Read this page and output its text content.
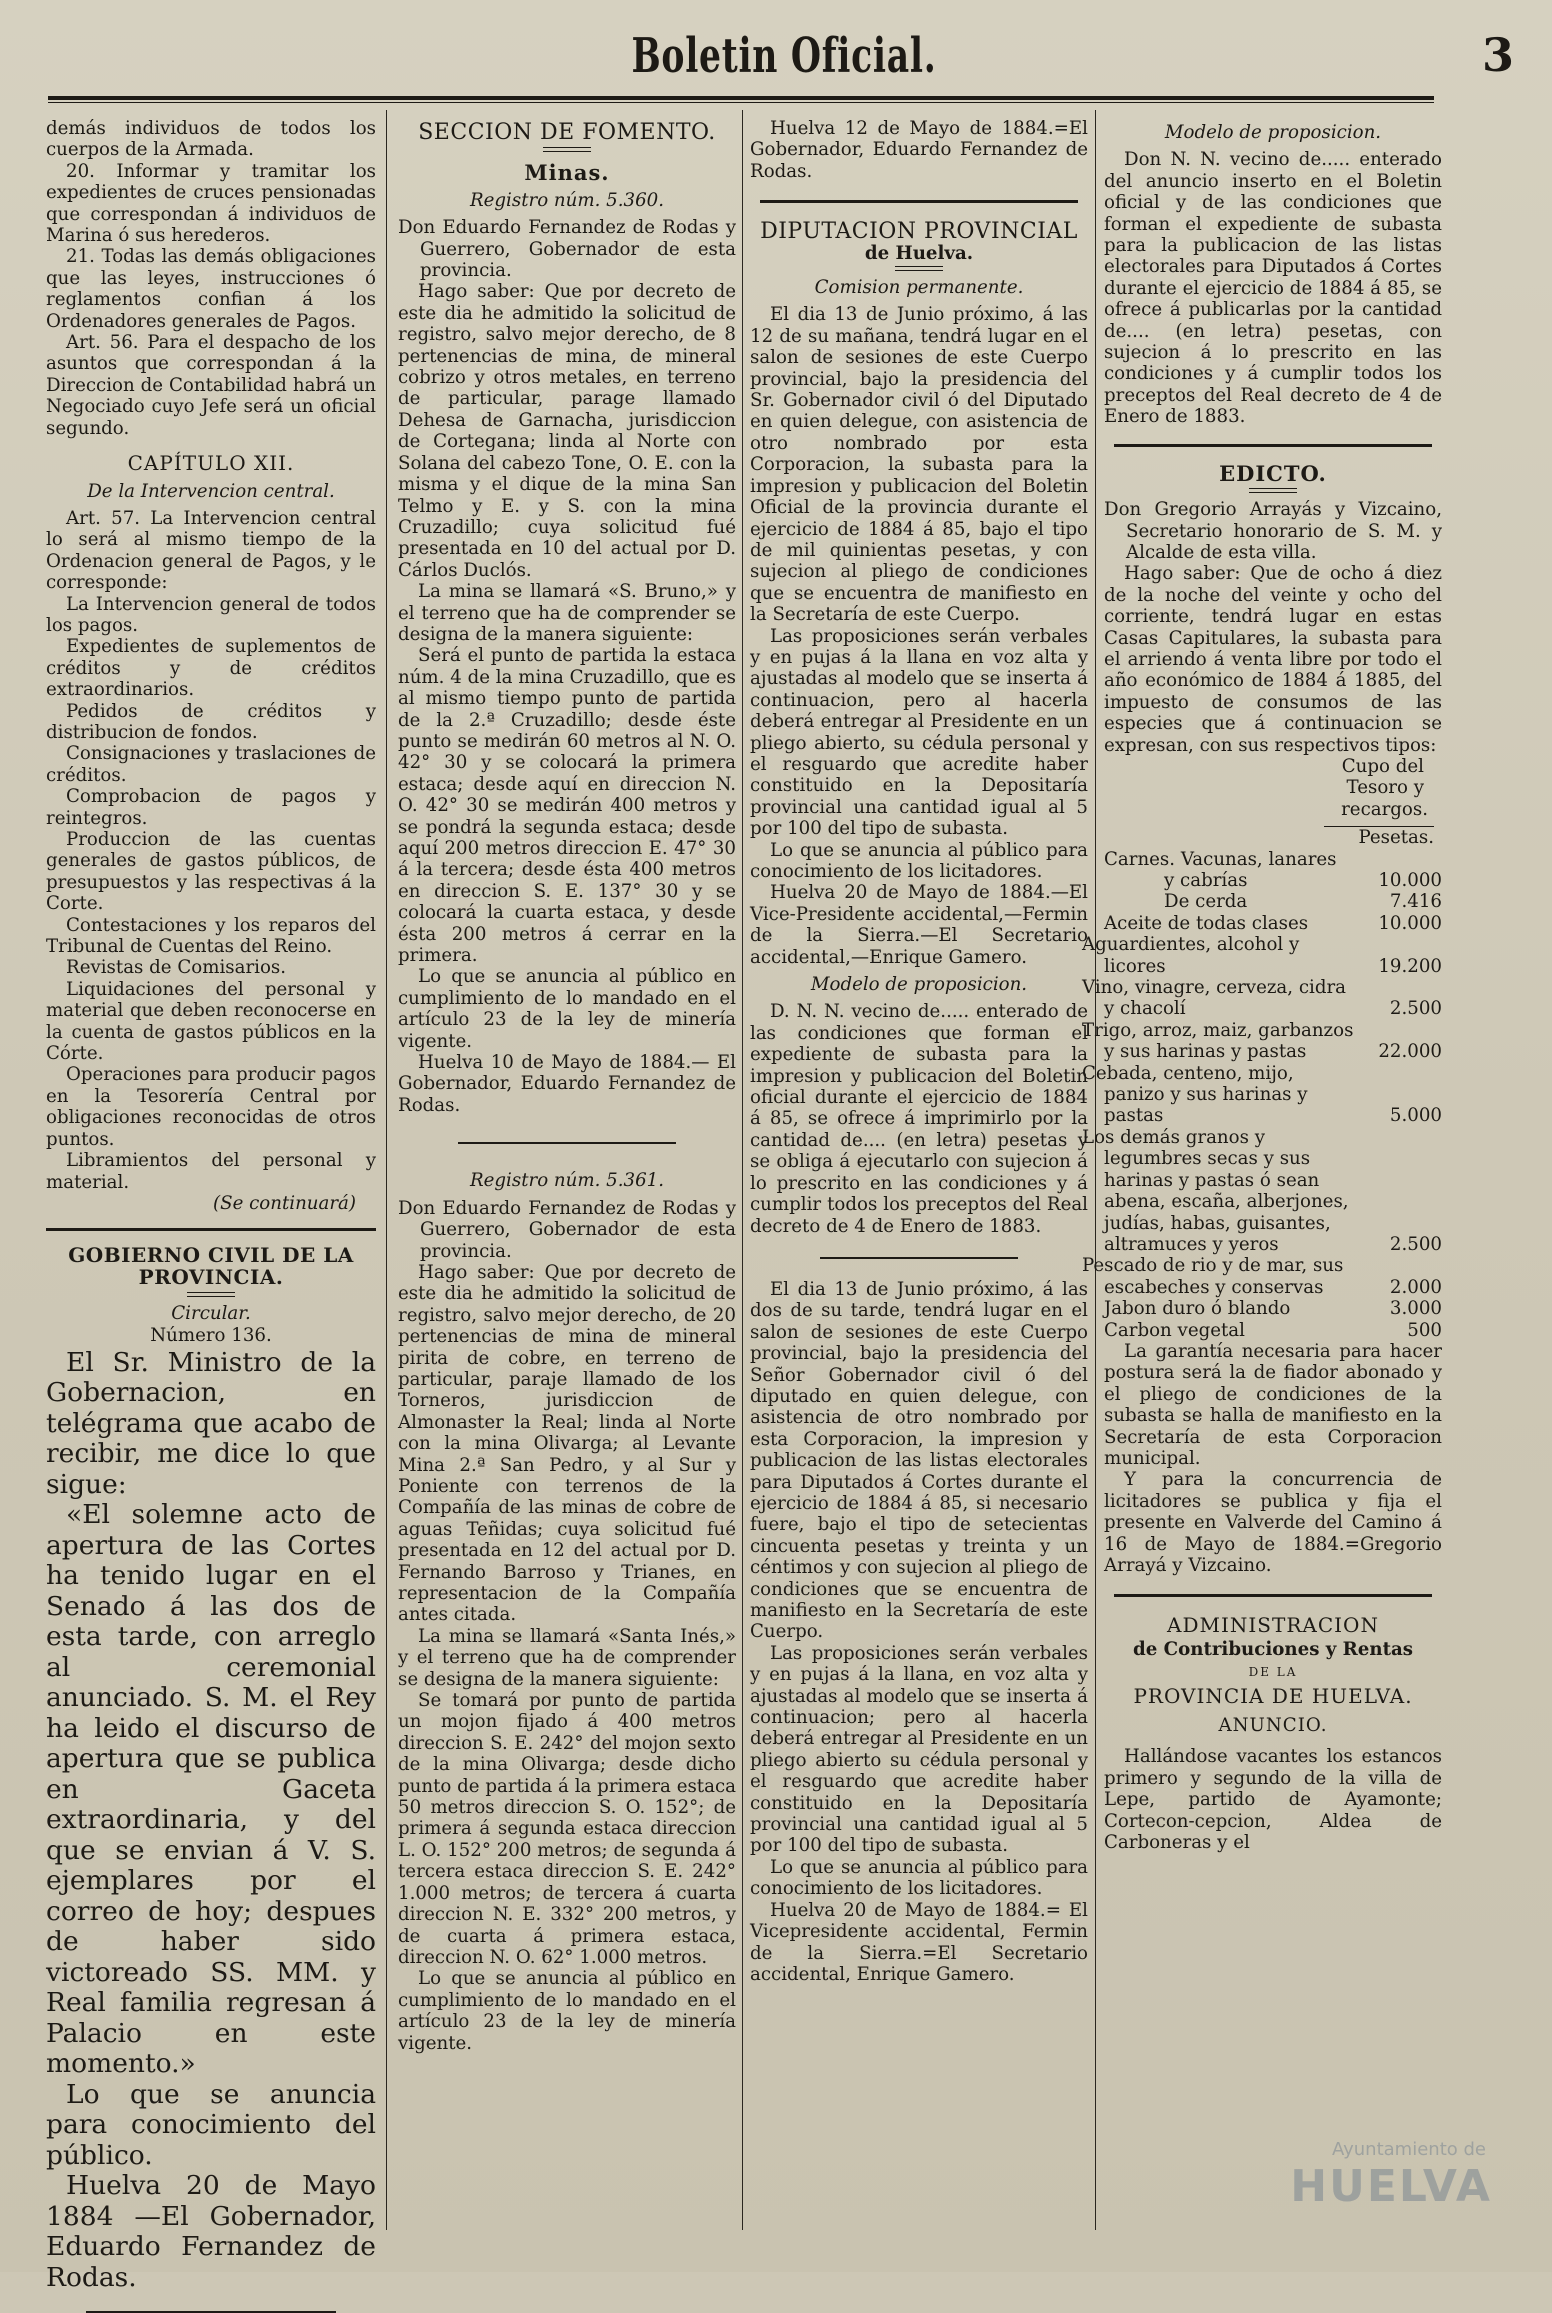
Boletin Oficial.	3

demás individuos de todos los cuerpos de la Armada.

20. Informar y tramitar los expedientes de cruces pensionadas que correspondan á individuos de Marina ó sus herederos.

21. Todas las demás obligaciones que las leyes, instrucciones ó reglamentos confian á los Ordenadores generales de Pagos.

Art. 56. Para el despacho de los asuntos que correspondan á la Direccion de Contabilidad habrá un Negociado cuyo Jefe será un oficial segundo.

CAPÍTULO XII.

De la Intervencion central.

Art. 57. La Intervencion central lo será al mismo tiempo de la Ordenacion general de Pagos, y le corresponde:

La Intervencion general de todos los pagos.

Expedientes de suplementos de créditos y de créditos extraordinarios.

Pedidos de créditos y distribucion de fondos.

Consignaciones y traslaciones de créditos.

Comprobacion de pagos y reintegros.

Produccion de las cuentas generales de gastos públicos, de presupuestos y las respectivas á la Corte.

Contestaciones y los reparos del Tribunal de Cuentas del Reino.

Revistas de Comisarios.

Liquidaciones del personal y material que deben reconocerse en la cuenta de gastos públicos en la Córte.

Operaciones para producir pagos en la Tesorería Central por obligaciones reconocidas de otros puntos.

Libramientos del personal y material.

(Se continuará)

GOBIERNO CIVIL DE LA PROVINCIA.

Circular.

Número 136.

El Sr. Ministro de la Gobernacion, en telégrama que acabo de recibir, me dice lo que sigue:

«El solemne acto de apertura de las Cortes ha tenido lugar en el Senado á las dos de esta tarde, con arreglo al ceremonial anunciado. S. M. el Rey ha leido el discurso de apertura que se publica en Gaceta extraordinaria, y del que se envian á V. S. ejemplares por el correo de hoy; despues de haber sido victoreado SS. MM. y Real familia regresan á Palacio en este momento.»

Lo que se anuncia para conocimiento del público.

Huelva 20 de Mayo 1884 —El Gobernador, Eduardo Fernandez de Rodas.

SECCION DE FOMENTO.

Minas.

Registro núm. 5.360.

Don Eduardo Fernandez de Rodas y Guerrero, Gobernador de esta provincia.

Hago saber: Que por decreto de este dia he admitido la solicitud de registro, salvo mejor derecho, de 8 pertenencias de mina, de mineral cobrizo y otros metales, en terreno de particular, parage llamado Dehesa de Garnacha, jurisdiccion de Cortegana; linda al Norte con Solana del cabezo Tone, O. E. con la misma y el dique de la mina San Telmo y E. y S. con la mina Cruzadillo; cuya solicitud fué presentada en 10 del actual por D. Cárlos Duclós.

La mina se llamará «S. Bruno,» y el terreno que ha de comprender se designa de la manera siguiente:

Será el punto de partida la estaca núm. 4 de la mina Cruzadillo, que es al mismo tiempo punto de partida de la 2.ª Cruzadillo; desde éste punto se medirán 60 metros al N. O. 42° 30 y se colocará la primera estaca; desde aquí en direccion N. O. 42° 30 se medirán 400 metros y se pondrá la segunda estaca; desde aquí 200 metros direccion E. 47° 30 á la tercera; desde ésta 400 metros en direccion S. E. 137° 30 y se colocará la cuarta estaca, y desde ésta 200 metros á cerrar en la primera.

Lo que se anuncia al público en cumplimiento de lo mandado en el artículo 23 de la ley de minería vigente.

Huelva 10 de Mayo de 1884.— El Gobernador, Eduardo Fernandez de Rodas.

Registro núm. 5.361.

Don Eduardo Fernandez de Rodas y Guerrero, Gobernador de esta provincia.

Hago saber: Que por decreto de este dia he admitido la solicitud de registro, salvo mejor derecho, de 20 pertenencias de mina de mineral pirita de cobre, en terreno de particular, paraje llamado de los Torneros, jurisdiccion de Almonaster la Real; linda al Norte con la mina Olivarga; al Levante Mina 2.ª San Pedro, y al Sur y Poniente con terrenos de la Compañía de las minas de cobre de aguas Teñidas; cuya solicitud fué presentada en 12 del actual por D. Fernando Barroso y Trianes, en representacion de la Compañía antes citada.

La mina se llamará «Santa Inés,» y el terreno que ha de comprender se designa de la manera siguiente:

Se tomará por punto de partida un mojon fijado á 400 metros direccion S. E. 242° del mojon sexto de la mina Olivarga; desde dicho punto de partida á la primera estaca 50 metros direccion S. O. 152°; de primera á segunda estaca direccion L. O. 152° 200 metros; de segunda á tercera estaca direccion S. E. 242° 1.000 metros; de tercera á cuarta direccion N. E. 332° 200 metros, y de cuarta á primera estaca, direccion N. O. 62° 1.000 metros.

Lo que se anuncia al público en cumplimiento de lo mandado en el artículo 23 de la ley de minería vigente.

Huelva 12 de Mayo de 1884.=El Gobernador, Eduardo Fernandez de Rodas.

DIPUTACION PROVINCIAL

de Huelva.

Comision permanente.

El dia 13 de Junio próximo, á las 12 de su mañana, tendrá lugar en el salon de sesiones de este Cuerpo provincial, bajo la presidencia del Sr. Gobernador civil ó del Diputado en quien delegue, con asistencia de otro nombrado por esta Corporacion, la subasta para la impresion y publicacion del Boletin Oficial de la provincia durante el ejercicio de 1884 á 85, bajo el tipo de mil quinientas pesetas, y con sujecion al pliego de condiciones que se encuentra de manifiesto en la Secretaría de este Cuerpo.

Las proposiciones serán verbales y en pujas á la llana en voz alta y ajustadas al modelo que se inserta á continuacion, pero al hacerla deberá entregar al Presidente en un pliego abierto, su cédula personal y el resguardo que acredite haber constituido en la Depositaría provincial una cantidad igual al 5 por 100 del tipo de subasta.

Lo que se anuncia al público para conocimiento de los licitadores.

Huelva 20 de Mayo de 1884.—El Vice-Presidente accidental,—Fermin de la Sierra.—El Secretario accidental,—Enrique Gamero.

Modelo de proposicion.

D. N. N. vecino de..... enterado de las condiciones que forman el expediente de subasta para la impresion y publicacion del Boletin oficial durante el ejercicio de 1884 á 85, se ofrece á imprimirlo por la cantidad de.... (en letra) pesetas y se obliga á ejecutarlo con sujecion á lo prescrito en las condiciones y á cumplir todos los preceptos del Real decreto de 4 de Enero de 1883.

El dia 13 de Junio próximo, á las dos de su tarde, tendrá lugar en el salon de sesiones de este Cuerpo provincial, bajo la presidencia del Señor Gobernador civil ó del diputado en quien delegue, con asistencia de otro nombrado por esta Corporacion, la impresion y publicacion de las listas electorales para Diputados á Cortes durante el ejercicio de 1884 á 85, si necesario fuere, bajo el tipo de setecientas cincuenta pesetas y treinta y un céntimos y con sujecion al pliego de condiciones que se encuentra de manifiesto en la Secretaría de este Cuerpo.

Las proposiciones serán verbales y en pujas á la llana, en voz alta y ajustadas al modelo que se inserta á continuacion; pero al hacerla deberá entregar al Presidente en un pliego abierto su cédula personal y el resguardo que acredite haber constituido en la Depositaría provincial una cantidad igual al 5 por 100 del tipo de subasta.

Lo que se anuncia al público para conocimiento de los licitadores.

Huelva 20 de Mayo de 1884.= El Vicepresidente accidental, Fermin de la Sierra.=El Secretario accidental, Enrique Gamero.

Modelo de proposicion.

Don N. N. vecino de..... enterado del anuncio inserto en el Boletin oficial y de las condiciones que forman el expediente de subasta para la publicacion de las listas electorales para Diputados á Cortes durante el ejercicio de 1884 á 85, se ofrece á publicarlas por la cantidad de.... (en letra) pesetas, con sujecion á lo prescrito en las condiciones y á cumplir todos los preceptos del Real decreto de 4 de Enero de 1883.

EDICTO.

Don Gregorio Arrayás y Vizcaino, Secretario honorario de S. M. y Alcalde de esta villa.

Hago saber: Que de ocho á diez de la noche del veinte y ocho del corriente, tendrá lugar en estas Casas Capitulares, la subasta para el arriendo á venta libre por todo el año económico de 1884 á 1885, del impuesto de consumos de las especies que á continuacion se expresan, con sus respectivos tipos:

Cupo del

Tesoro y

recargos.

Pesetas.

Carnes. Vacunas, lanares	
y cabrías	10.000
De cerda	7.416
Aceite de todas clases	10.000
Aguardientes, alcohol y licores	19.200
Vino, vinagre, cerveza, cidra y chacolí	2.500
Trigo, arroz, maiz, garbanzos y sus harinas y pastas	22.000
Cebada, centeno, mijo, panizo y sus harinas y pastas	5.000
Los demás granos y legumbres secas y sus harinas y pastas ó sean abena, escaña, alberjones, judías, habas, guisantes, altramuces y yeros	2.500
Pescado de rio y de mar, sus escabeches y conservas	2.000
Jabon duro ó blando	3.000
Carbon vegetal	500

La garantía necesaria para hacer postura será la de fiador abonado y el pliego de condiciones de la subasta se halla de manifiesto en la Secretaría de esta Corporacion municipal.

Y para la concurrencia de licitadores se publica y fija el presente en Valverde del Camino á 16 de Mayo de 1884.=Gregorio Arrayá y Vizcaino.

ADMINISTRACION

de Contribuciones y Rentas

DE LA

PROVINCIA DE HUELVA.

ANUNCIO.

Hallándose vacantes los estancos primero y segundo de la villa de Lepe, partido de Ayamonte; Cortecon-cepcion, Aldea de Carboneras y el

Ayuntamiento de
HUELVA
